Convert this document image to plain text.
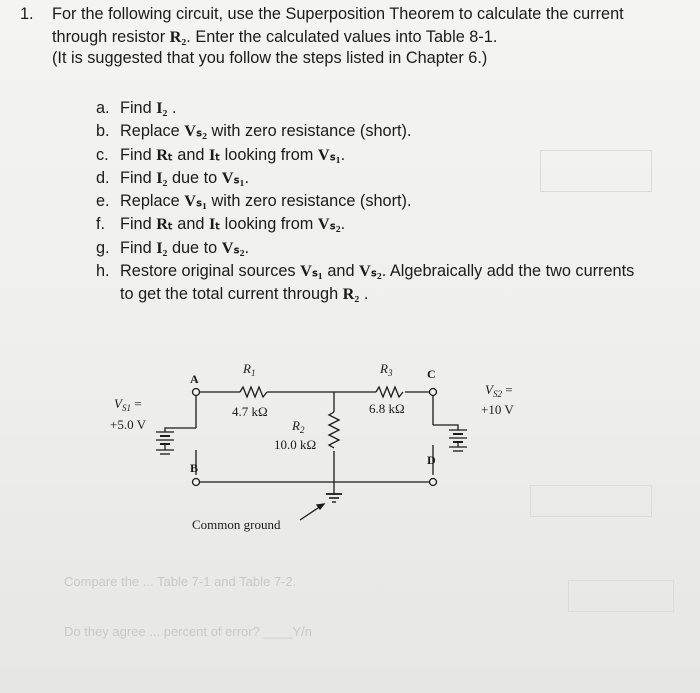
Compare the ... Table 7-1 and Table 7-2.
Do they agree ... percent of error? ____Y/n
1. For the following circuit, use the Superposition Theorem to calculate the current
through resistor R₂. Enter the calculated values into Table 8-1.
(It is suggested that you follow the steps listed in Chapter 6.)
a. Find I₂ .
b. Replace Vₛ₂ with zero resistance (short).
c. Find Rₜ and Iₜ looking from Vₛ₁.
d. Find I₂ due to Vₛ₁.
e. Replace Vₛ₁ with zero resistance (short).
f. Find Rₜ and Iₜ looking from Vₛ₂.
g. Find I₂ due to Vₛ₂.
h. Restore original sources Vₛ₁ and Vₛ₂. Algebraically add the two currents
to get the total current through R₂ .
A
B
C
D
$R_1$
4.7 kΩ
$R_3$
6.8 kΩ
$R_2$
10.0 kΩ
$V_{S1}$ =
+5.0 V
$V_{S2}$ =
+10 V
Common ground
